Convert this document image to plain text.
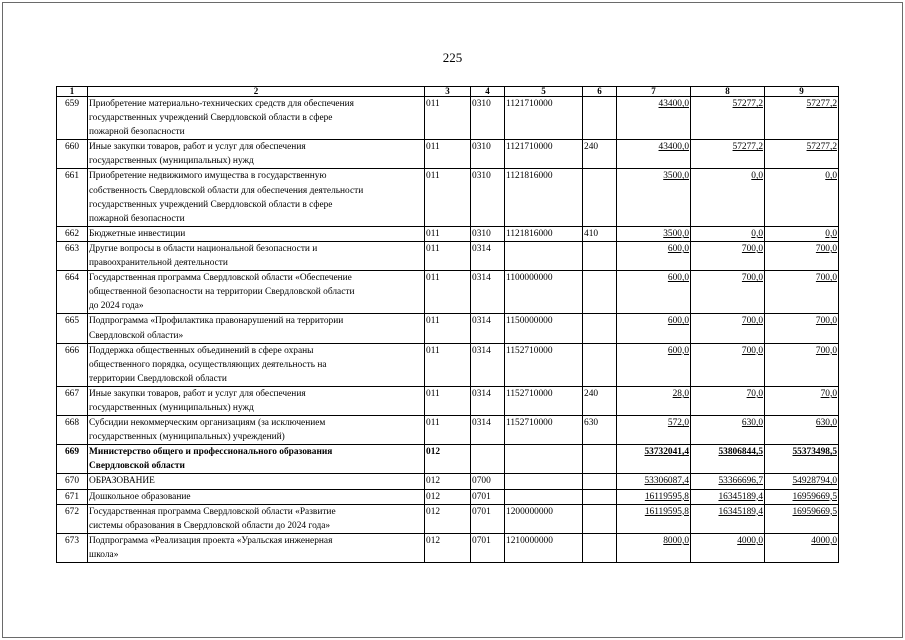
225
1	2	3	4	5	6	7	8	9
659	Приобретение материально-технических средств для обеспечения
государственных учреждений Свердловской области в сфере
пожарной безопасности	011	0310	1121710000		43400,0	57277,2	57277,2
660	Иные закупки товаров, работ и услуг для обеспечения
государственных (муниципальных) нужд	011	0310	1121710000	240	43400,0	57277,2	57277,2
661	Приобретение недвижимого имущества в государственную
собственность Свердловской области для обеспечения деятельности
государственных учреждений Свердловской области в сфере
пожарной безопасности	011	0310	1121816000		3500,0	0,0	0,0
662	Бюджетные инвестиции	011	0310	1121816000	410	3500,0	0,0	0,0
663	Другие вопросы в области национальной безопасности и
правоохранительной деятельности	011	0314			600,0	700,0	700,0
664	Государственная программа Свердловской области «Обеспечение
общественной безопасности на территории Свердловской области
до 2024 года»	011	0314	1100000000		600,0	700,0	700,0
665	Подпрограмма «Профилактика правонарушений на территории
Свердловской области»	011	0314	1150000000		600,0	700,0	700,0
666	Поддержка общественных объединений в сфере охраны
общественного порядка, осуществляющих деятельность на
территории Свердловской области	011	0314	1152710000		600,0	700,0	700,0
667	Иные закупки товаров, работ и услуг для обеспечения
государственных (муниципальных) нужд	011	0314	1152710000	240	28,0	70,0	70,0
668	Субсидии некоммерческим организациям (за исключением
государственных (муниципальных) учреждений)	011	0314	1152710000	630	572,0	630,0	630,0
669	Министерство общего и профессионального образования
Свердловской области	012				53732041,4	53806844,5	55373498,5
670	ОБРАЗОВАНИЕ	012	0700			53306087,4	53366696,7	54928794,0
671	Дошкольное образование	012	0701			16119595,8	16345189,4	16959669,5
672	Государственная программа Свердловской области «Развитие
системы образования в Свердловской области до 2024 года»	012	0701	1200000000		16119595,8	16345189,4	16959669,5
673	Подпрограмма «Реализация проекта «Уральская инженерная
школа»	012	0701	1210000000		8000,0	4000,0	4000,0
